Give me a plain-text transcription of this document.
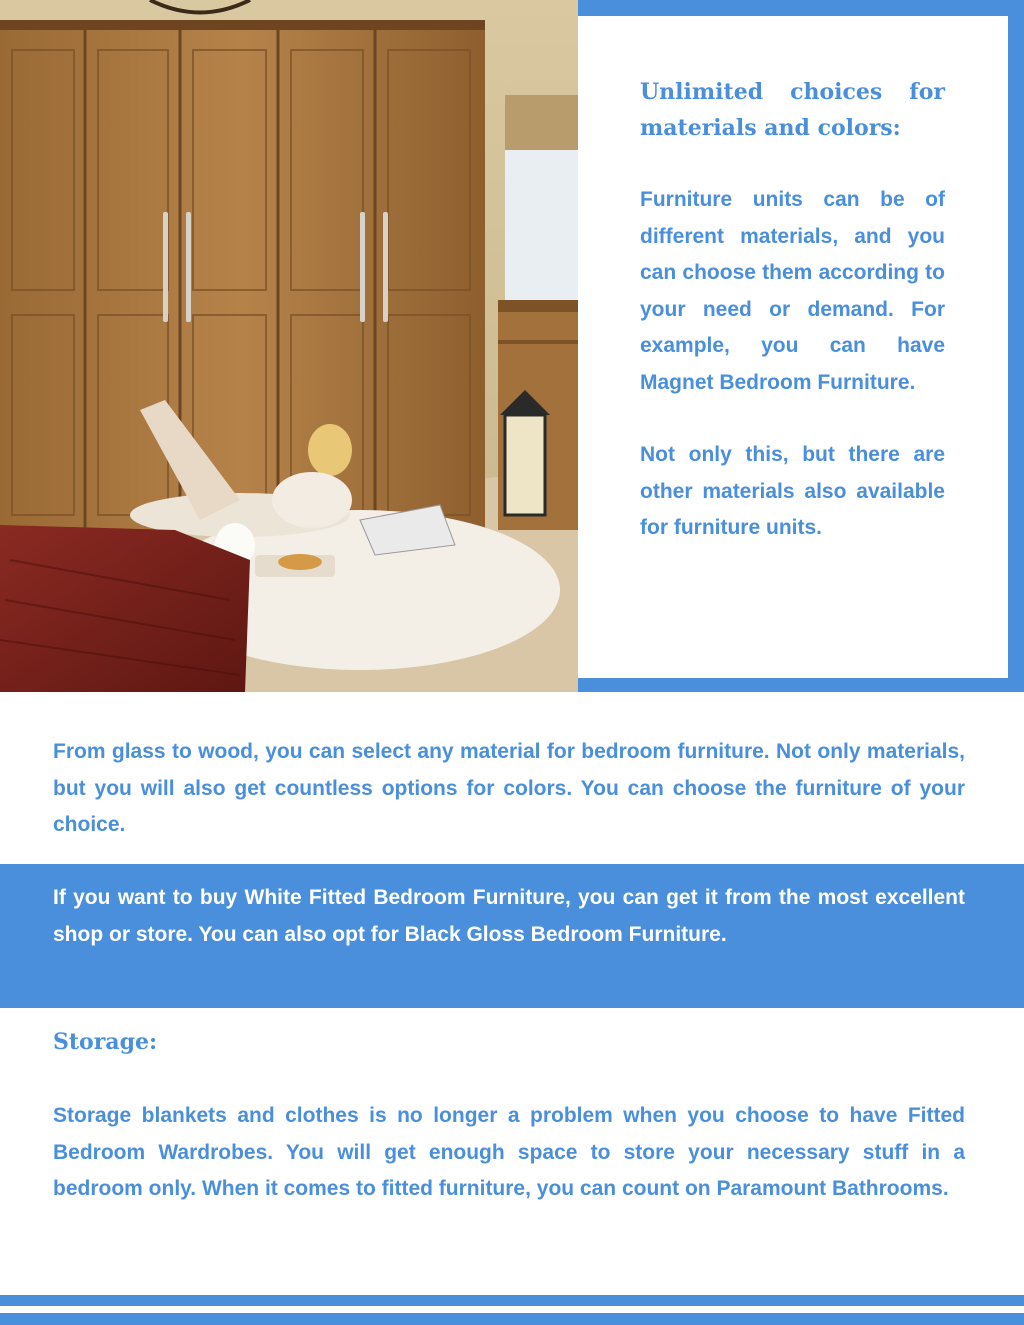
Unlimited choices for materials and colors:

Furniture units can be of different materials, and you can choose them according to your need or demand. For example, you can have Magnet Bedroom Furniture.

Not only this, but there are other materials also available for furniture units.

From glass to wood, you can select any material for bedroom furniture. Not only materials, but you will also get countless options for colors. You can choose the furniture of your choice.

If you want to buy White Fitted Bedroom Furniture, you can get it from the most excellent shop or store. You can also opt for Black Gloss Bedroom Furniture.

Storage:

Storage blankets and clothes is no longer a problem when you choose to have Fitted Bedroom Wardrobes. You will get enough space to store your necessary stuff in a bedroom only. When it comes to fitted furniture, you can count on Paramount Bathrooms.
